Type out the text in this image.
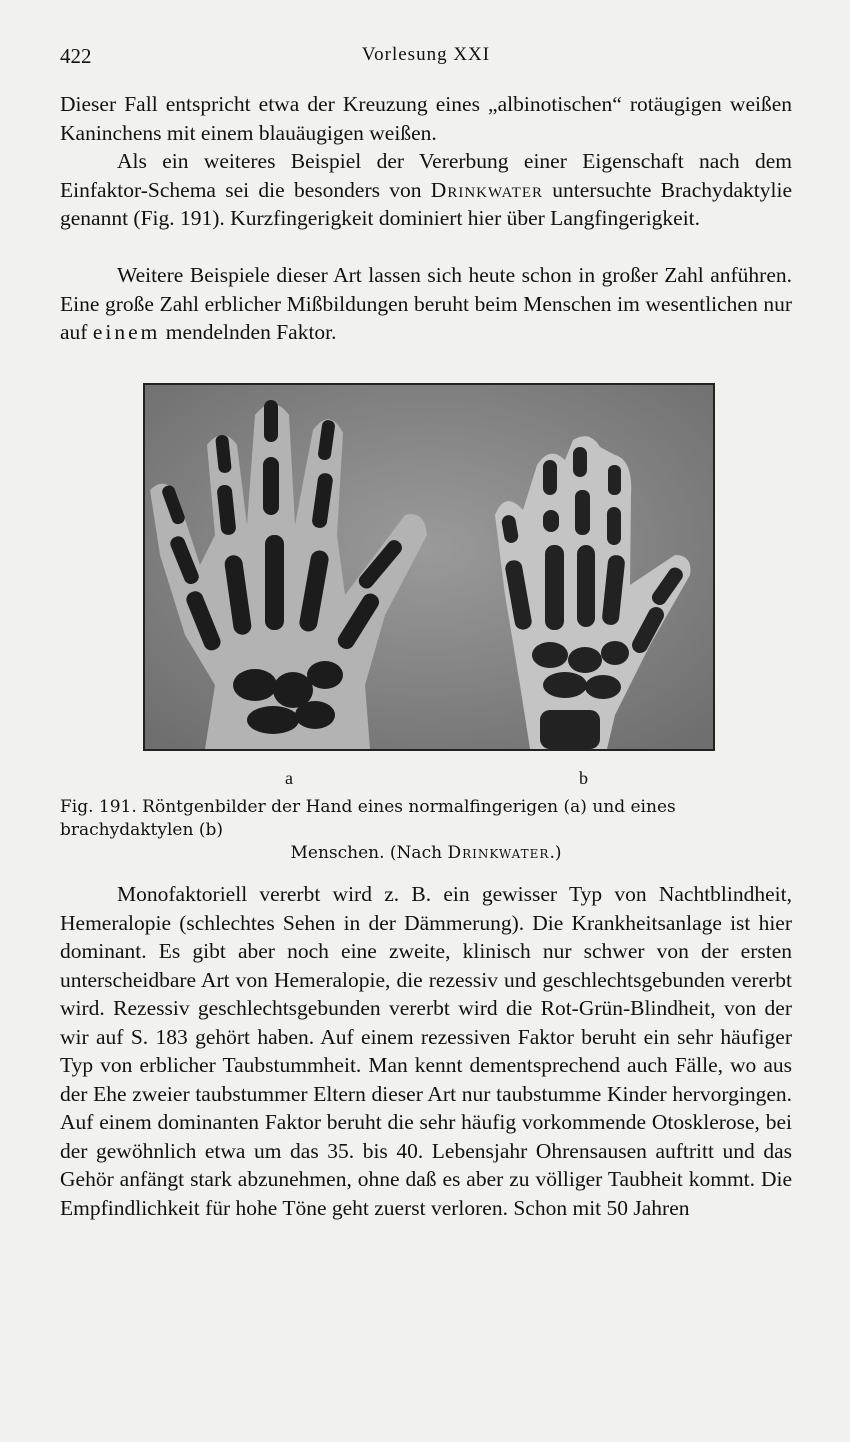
422	Vorlesung XXI

Dieser Fall entspricht etwa der Kreuzung eines „albinotischen“ rotäugigen weißen Kaninchens mit einem blauäugigen weißen.

Als ein weiteres Beispiel der Vererbung einer Eigenschaft nach dem Einfaktor-Schema sei die besonders von Drinkwater untersuchte Brachydaktylie genannt (Fig. 191). Kurzfingerigkeit dominiert hier über Langfingerigkeit.

Weitere Beispiele dieser Art lassen sich heute schon in großer Zahl anführen. Eine große Zahl erblicher Mißbildungen beruht beim Menschen im wesentlichen nur auf einem mendelnden Faktor.

a	b
Fig. 191. Röntgenbilder der Hand eines normalfingerigen (a) und eines brachydaktylen (b)
Menschen. (Nach Drinkwater.)

Monofaktoriell vererbt wird z. B. ein gewisser Typ von Nachtblindheit, Hemeralopie (schlechtes Sehen in der Dämmerung). Die Krankheitsanlage ist hier dominant. Es gibt aber noch eine zweite, klinisch nur schwer von der ersten unterscheidbare Art von Hemeralopie, die rezessiv und geschlechtsgebunden vererbt wird. Rezessiv geschlechtsgebunden vererbt wird die Rot-Grün-Blindheit, von der wir auf S. 183 gehört haben. Auf einem rezessiven Faktor beruht ein sehr häufiger Typ von erblicher Taubstummheit. Man kennt dementsprechend auch Fälle, wo aus der Ehe zweier taubstummer Eltern dieser Art nur taubstumme Kinder hervorgingen. Auf einem dominanten Faktor beruht die sehr häufig vorkommende Otosklerose, bei der gewöhnlich etwa um das 35. bis 40. Lebensjahr Ohrensausen auftritt und das Gehör anfängt stark abzunehmen, ohne daß es aber zu völliger Taubheit kommt. Die Empfindlichkeit für hohe Töne geht zuerst verloren. Schon mit 50 Jahren
